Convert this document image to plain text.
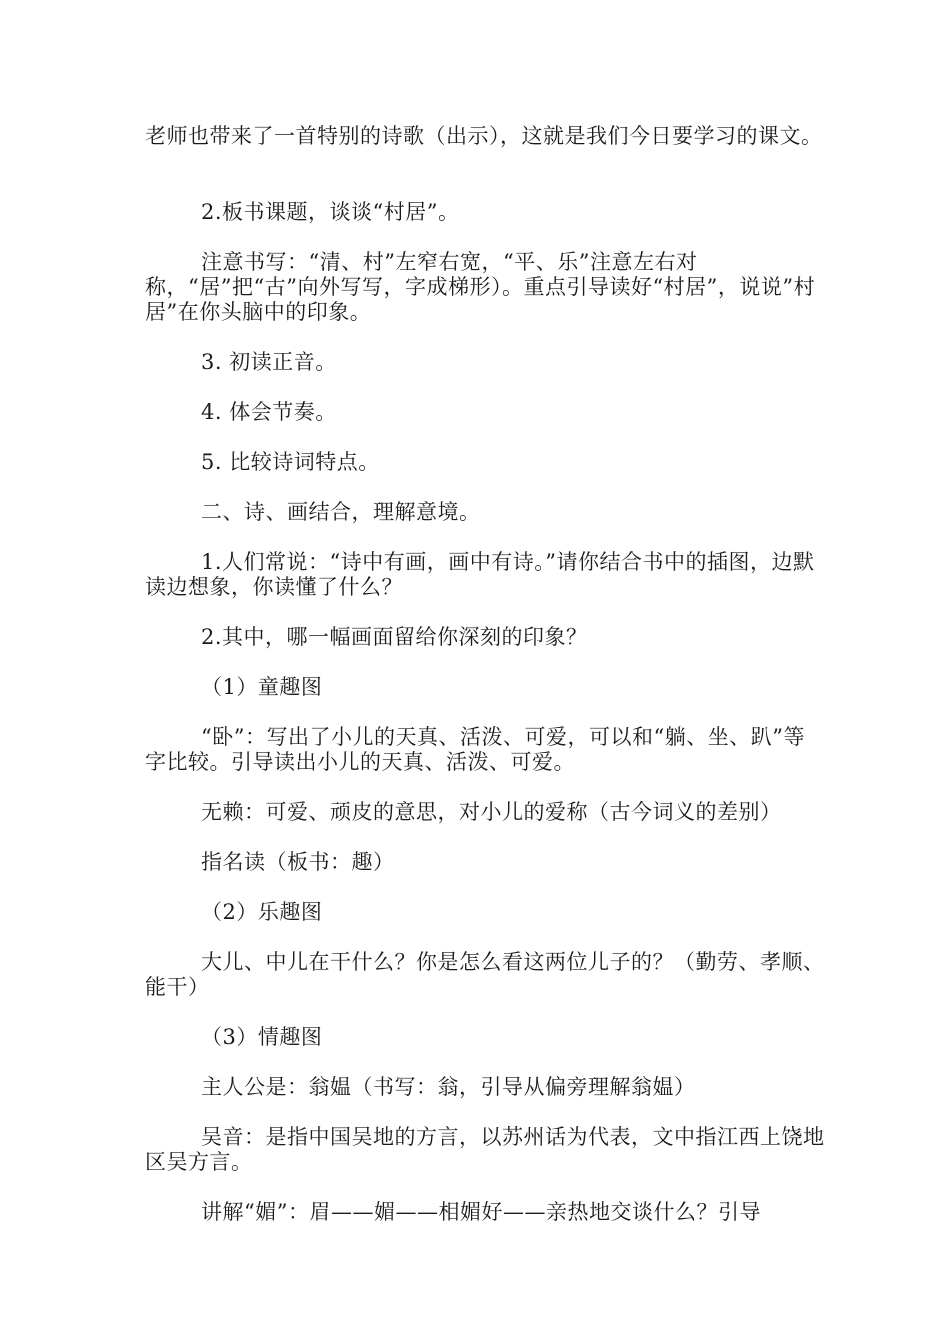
老师也带来了一首特别的诗歌（出示），这就是我们今日要学习的课文。
2.板书课题，谈谈“村居”。
注意书写：“清、村”左窄右宽，“平、乐”注意左右对称，“居”把“古”向外写写，字成梯形）。重点引导读好“村居”，说说”村居”在你头脑中的印象。
3. 初读正音。
4. 体会节奏。
5. 比较诗词特点。
二、诗、画结合，理解意境。
1.人们常说：“诗中有画，画中有诗。”请你结合书中的插图，边默读边想象，你读懂了什么？
2.其中，哪一幅画面留给你深刻的印象？
（1）童趣图
“卧”：写出了小儿的天真、活泼、可爱，可以和“躺、坐、趴”等字比较。引导读出小儿的天真、活泼、可爱。
无赖：可爱、顽皮的意思，对小儿的爱称（古今词义的差别）
指名读（板书：趣）
（2）乐趣图
大儿、中儿在干什么？你是怎么看这两位儿子的？（勤劳、孝顺、能干）
（3）情趣图
主人公是：翁媪（书写：翁，引导从偏旁理解翁媪）
吴音：是指中国吴地的方言，以苏州话为代表，文中指江西上饶地区吴方言。
讲解“媚”：眉——媚——相媚好——亲热地交谈什么？引导
